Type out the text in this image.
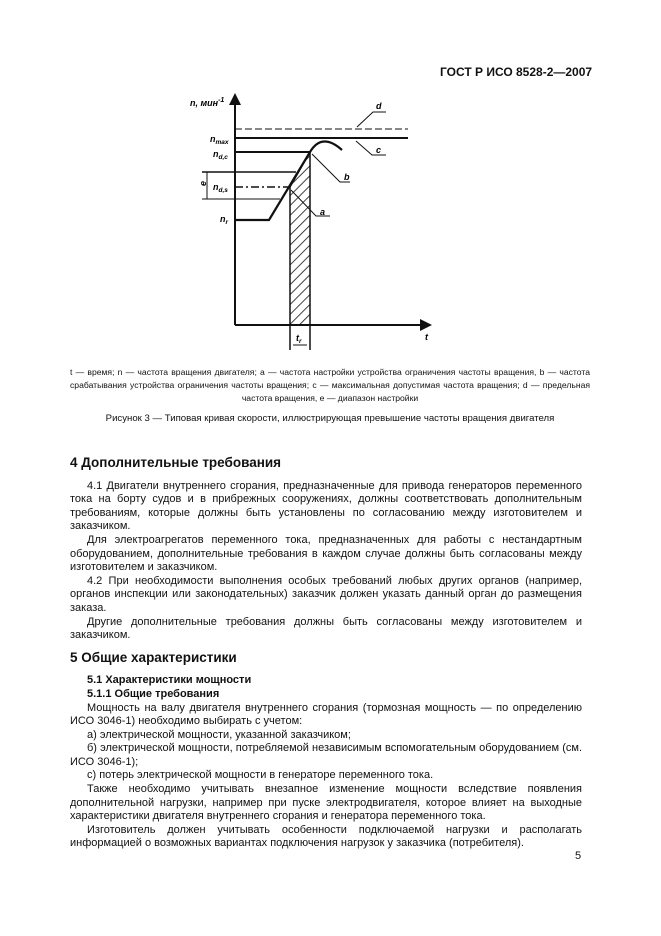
ГОСТ Р ИСО 8528-2—2007
n, мин$^{-1}$
t
$n_{max}$
$n_{d,c}$
$n_{d,s}$
$n_r$
e
$t_r$
d
c
b
a
t — время; n — частота вращения двигателя; a — частота настройки устройства ограничения частоты вращения, b — частота срабатывания устройства ограничения частоты вращения; c — максимальная допустимая частота вращения; d — предельная частота вращения, e — диапазон настройки
Рисунок 3 — Типовая кривая скорости, иллюстрирующая превышение частоты вращения двигателя
4 Дополнительные требования

4.1 Двигатели внутреннего сгорания, предназначенные для привода генераторов переменного тока на борту судов и в прибрежных сооружениях, должны соответствовать дополнительным требованиям, которые должны быть установлены по согласованию между изготовителем и заказчиком.

Для электроагрегатов переменного тока, предназначенных для работы с нестандартным оборудованием, дополнительные требования в каждом случае должны быть согласованы между изготовителем и заказчиком.

4.2 При необходимости выполнения особых требований любых других органов (например, органов инспекции или законодательных) заказчик должен указать данный орган до размещения заказа.

Другие дополнительные требования должны быть согласованы между изготовителем и заказчиком.

5 Общие характеристики

5.1 Характеристики мощности

5.1.1 Общие требования

Мощность на валу двигателя внутреннего сгорания (тормозная мощность — по определению ИСО 3046-1) необходимо выбирать с учетом:

а) электрической мощности, указанной заказчиком;

б) электрической мощности, потребляемой независимым вспомогательным оборудованием (см. ИСО 3046-1);

с) потерь электрической мощности в генераторе переменного тока.

Также необходимо учитывать внезапное изменение мощности вследствие появления дополнительной нагрузки, например при пуске электродвигателя, которое влияет на выходные характеристики двигателя внутреннего сгорания и генератора переменного тока.

Изготовитель должен учитывать особенности подключаемой нагрузки и располагать информацией о возможных вариантах подключения нагрузок у заказчика (потребителя).

5
